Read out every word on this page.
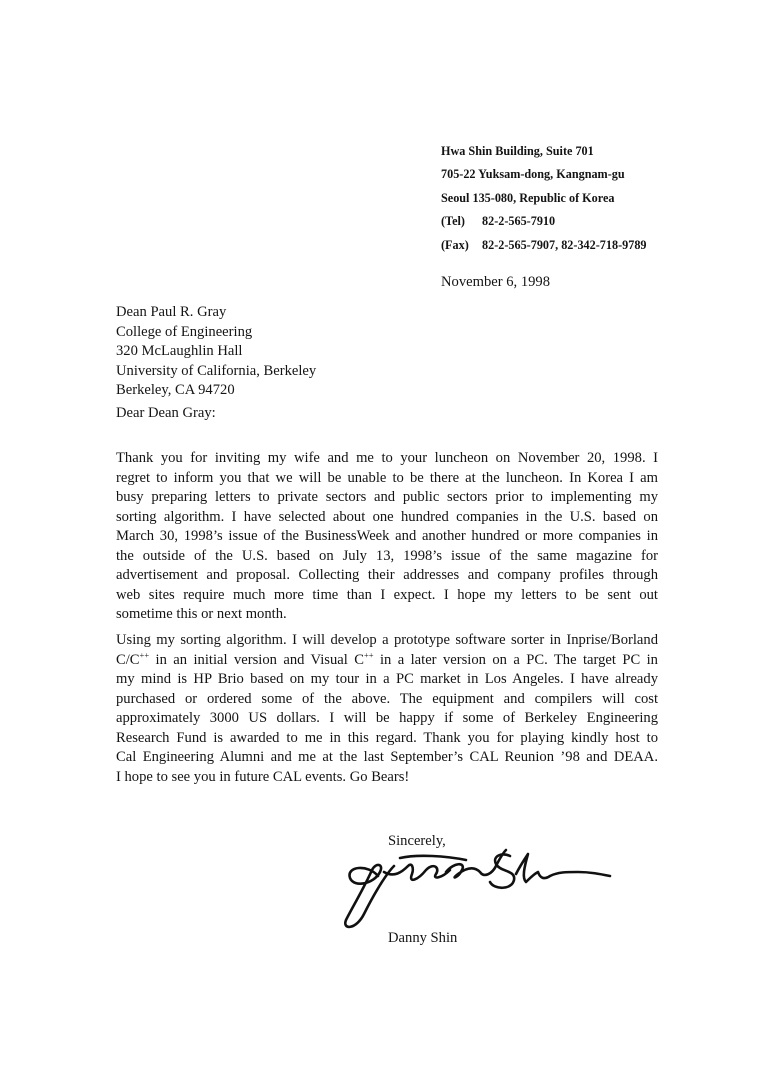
Hwa Shin Building, Suite 701
705-22 Yuksam-dong, Kangnam-gu
Seoul 135-080, Republic of Korea
(Tel) 82-2-565-7910
(Fax) 82-2-565-7907, 82-342-718-9789
November 6, 1998
Dean Paul R. Gray
College of Engineering
320 McLaughlin Hall
University of California, Berkeley
Berkeley, CA 94720
Dear Dean Gray:
Thank you for inviting my wife and me to your luncheon on November 20, 1998. I
regret to inform you that we will be unable to be there at the luncheon. In Korea I am
busy preparing letters to private sectors and public sectors prior to implementing my
sorting algorithm. I have selected about one hundred companies in the U.S. based on
March 30, 1998’s issue of the BusinessWeek and another hundred or more companies in
the outside of the U.S. based on July 13, 1998’s issue of the same magazine for
advertisement and proposal. Collecting their addresses and company profiles through
web sites require much more time than I expect. I hope my letters to be sent out
sometime this or next month.
Using my sorting algorithm. I will develop a prototype software sorter in Inprise/Borland
C/C++ in an initial version and Visual C++ in a later version on a PC. The target PC in
my mind is HP Brio based on my tour in a PC market in Los Angeles. I have already
purchased or ordered some of the above. The equipment and compilers will cost
approximately 3000 US dollars. I will be happy if some of Berkeley Engineering
Research Fund is awarded to me in this regard. Thank you for playing kindly host to
Cal Engineering Alumni and me at the last September’s CAL Reunion ’98 and DEAA.
I hope to see you in future CAL events. Go Bears!
Sincerely,
Danny Shin
